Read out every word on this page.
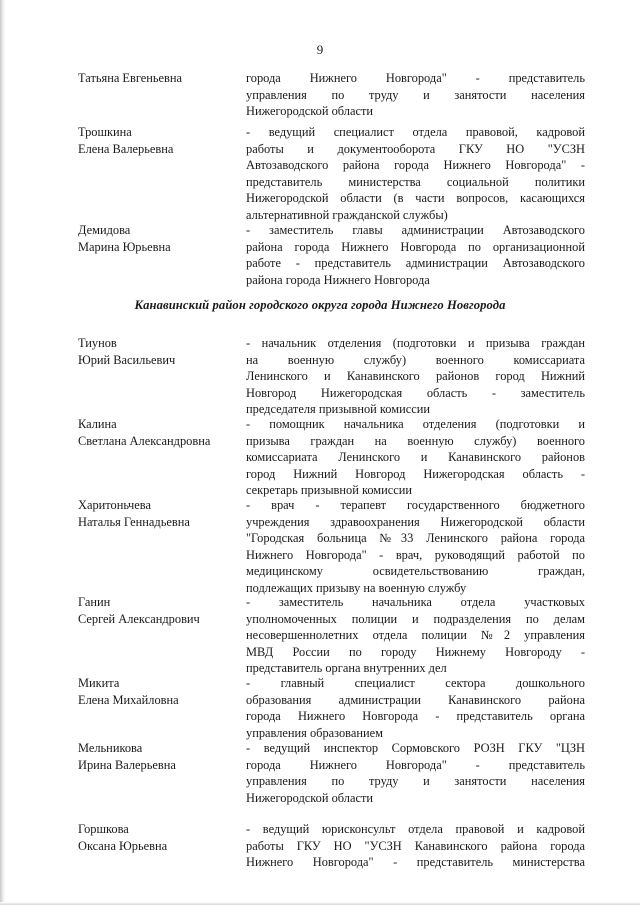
9
Татьяна Евгеньевна	города Нижнего Новгорода" - представитель
управления по труду и занятости населения
Нижегородской области
Трошкина
Елена Валерьевна
- ведущий специалист отдела правовой, кадровой
работы и документооборота ГКУ НО "УСЗН
Автозаводского района города Нижнего Новгорода" -
представитель министерства социальной политики
Нижегородской области (в части вопросов, касающихся
альтернативной гражданской службы)
Демидова
Марина Юрьевна
- заместитель главы администрации Автозаводского
района города Нижнего Новгорода по организационной
работе - представитель администрации Автозаводского
района города Нижнего Новгорода
Канавинский район городского округа города Нижнего Новгорода
Тиунов
Юрий Васильевич
- начальник отделения (подготовки и призыва граждан
на военную службу) военного комиссариата
Ленинского и Канавинского районов город Нижний
Новгород Нижегородская область - заместитель
председателя призывной комиссии
Калина
Светлана Александровна
- помощник начальника отделения (подготовки и
призыва граждан на военную службу) военного
комиссариата Ленинского и Канавинского районов
город Нижний Новгород Нижегородская область -
секретарь призывной комиссии
Харитоньчева
Наталья Геннадьевна
- врач - терапевт государственного бюджетного
учреждения здравоохранения Нижегородской области
"Городская больница №33 Ленинского района города
Нижнего Новгорода" - врач, руководящий работой по
медицинскому освидетельствованию граждан,
подлежащих призыву на военную службу
Ганин
Сергей Александрович
- заместитель начальника отдела участковых
уполномоченных полиции и подразделения по делам
несовершеннолетних отдела полиции №2 управления
МВД России по городу Нижнему Новгороду -
представитель органа внутренних дел
Микита
Елена Михайловна
- главный специалист сектора дошкольного
образования администрации Канавинского района
города Нижнего Новгорода - представитель органа
управления образованием
Мельникова
Ирина Валерьевна
- ведущий инспектор Сормовского РОЗН ГКУ "ЦЗН
города Нижнего Новгорода" - представитель
управления по труду и занятости населения
Нижегородской области
Горшкова
Оксана Юрьевна
- ведущий юрисконсульт отдела правовой и кадровой
работы ГКУ НО "УСЗН Канавинского района города
Нижнего Новгорода" - представитель министерства
